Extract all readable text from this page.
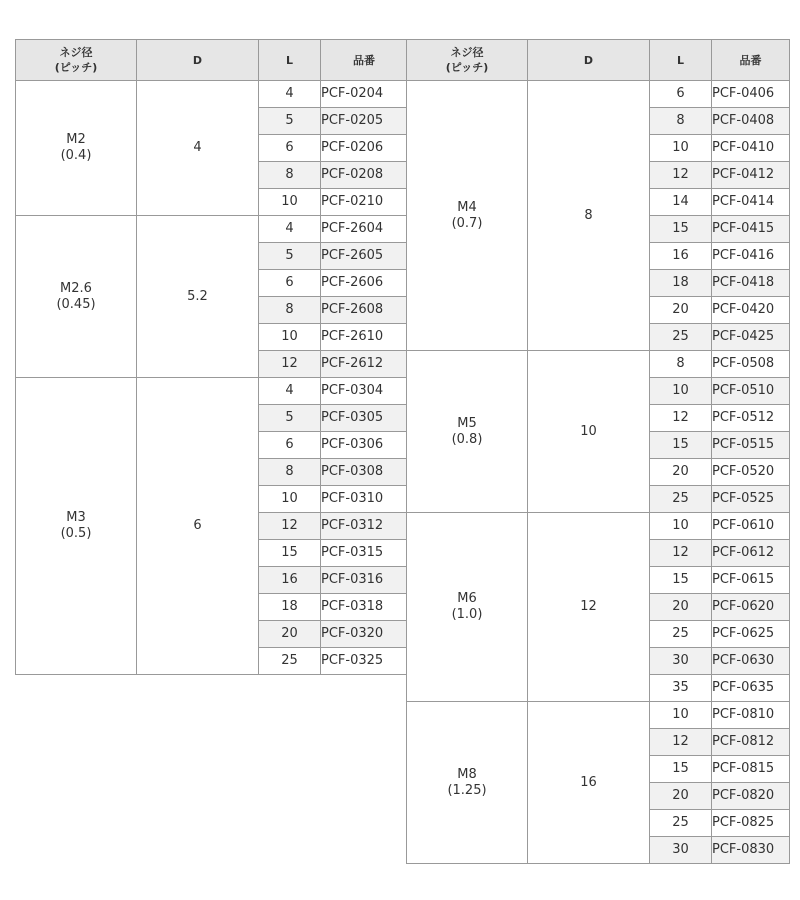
ネジ径
(ピッチ)	D	L	品番

M2
(0.4)	4	4	PCF-0204
		5	PCF-0205
		6	PCF-0206
		8	PCF-0208
		10	PCF-0210

M2.6
(0.45)	5.2	4	PCF-2604
		5	PCF-2605
		6	PCF-2606
		8	PCF-2608
		10	PCF-2610
		12	PCF-2612

M3
(0.5)	6	4	PCF-0304
		5	PCF-0305
		6	PCF-0306
		8	PCF-0308
		10	PCF-0310
		12	PCF-0312
		15	PCF-0315
		16	PCF-0316
		18	PCF-0318
		20	PCF-0320
		25	PCF-0325
ネジ径
(ピッチ)	D	L	品番

M4
(0.7)	8	6	PCF-0406
		8	PCF-0408
		10	PCF-0410
		12	PCF-0412
		14	PCF-0414
		15	PCF-0415
		16	PCF-0416
		18	PCF-0418
		20	PCF-0420
		25	PCF-0425

M5
(0.8)	10	8	PCF-0508
		10	PCF-0510
		12	PCF-0512
		15	PCF-0515
		20	PCF-0520
		25	PCF-0525

M6
(1.0)	12	10	PCF-0610
		12	PCF-0612
		15	PCF-0615
		20	PCF-0620
		25	PCF-0625
		30	PCF-0630
		35	PCF-0635

M8
(1.25)	16	10	PCF-0810
		12	PCF-0812
		15	PCF-0815
		20	PCF-0820
		25	PCF-0825
		30	PCF-0830
